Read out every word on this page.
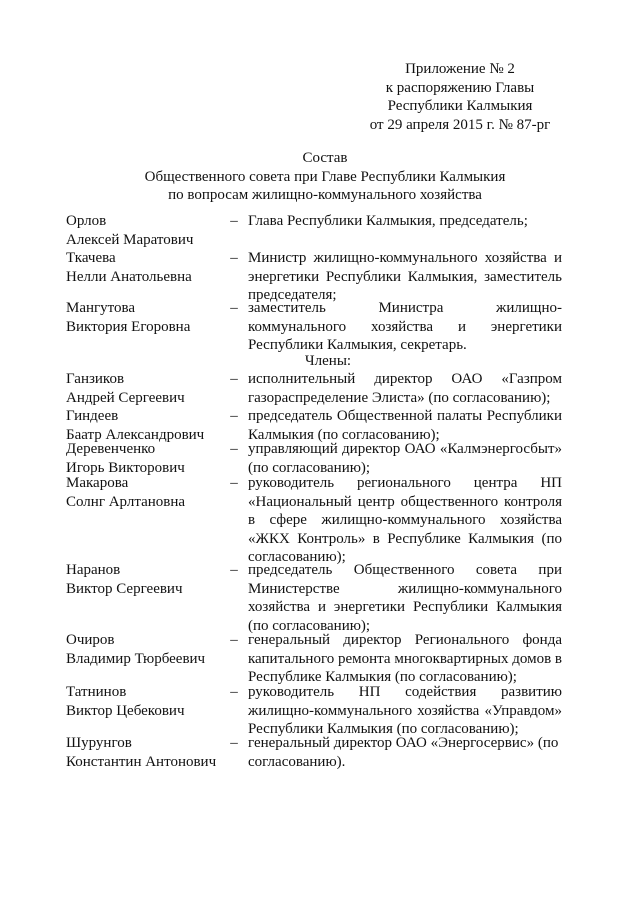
Приложение № 2
к распоряжению Главы
Республики Калмыкия
от 29 апреля 2015 г. № 87-рг
Состав
Общественного совета при Главе Республики Калмыкия
по вопросам жилищно-коммунального хозяйства
Орлов
Алексей Маратович
– Глава Республики Калмыкия, председатель;
Ткачева
Нелли Анатольевна
– Министр жилищно-коммунального хозяйства и энергетики Республики Калмыкия, заместитель председателя;
Мангутова
Виктория Егоровна
– заместитель Министра жилищно-коммунального хозяйства и энергетики Республики Калмыкия, секретарь.
Члены:
Ганзиков
Андрей Сергеевич
– исполнительный директор ОАО «Газпром газораспределение Элиста» (по согласованию);
Гиндеев
Баатр Александрович
– председатель Общественной палаты Республики Калмыкия (по согласованию);
Деревенченко
Игорь Викторович
– управляющий директор ОАО «Калмэнергосбыт» (по согласованию);
Макарова
Солнг Арлтановна
– руководитель регионального центра НП «Национальный центр общественного контроля в сфере жилищно-коммунального хозяйства «ЖКХ Контроль» в Республике Калмыкия (по согласованию);
Наранов
Виктор Сергеевич
– председатель Общественного совета при Министерстве жилищно-коммунального хозяйства и энергетики Республики Калмыкия (по согласованию);
Очиров
Владимир Тюрбеевич
– генеральный директор Регионального фонда капитального ремонта многоквартирных домов в Республике Калмыкия (по согласованию);
Татнинов
Виктор Цебекович
– руководитель НП содействия развитию жилищно-коммунального хозяйства «Управдом» Республики Калмыкия (по согласованию);
Шурунгов
Константин Антонович
– генеральный директор ОАО «Энергосервис» (по согласованию).
